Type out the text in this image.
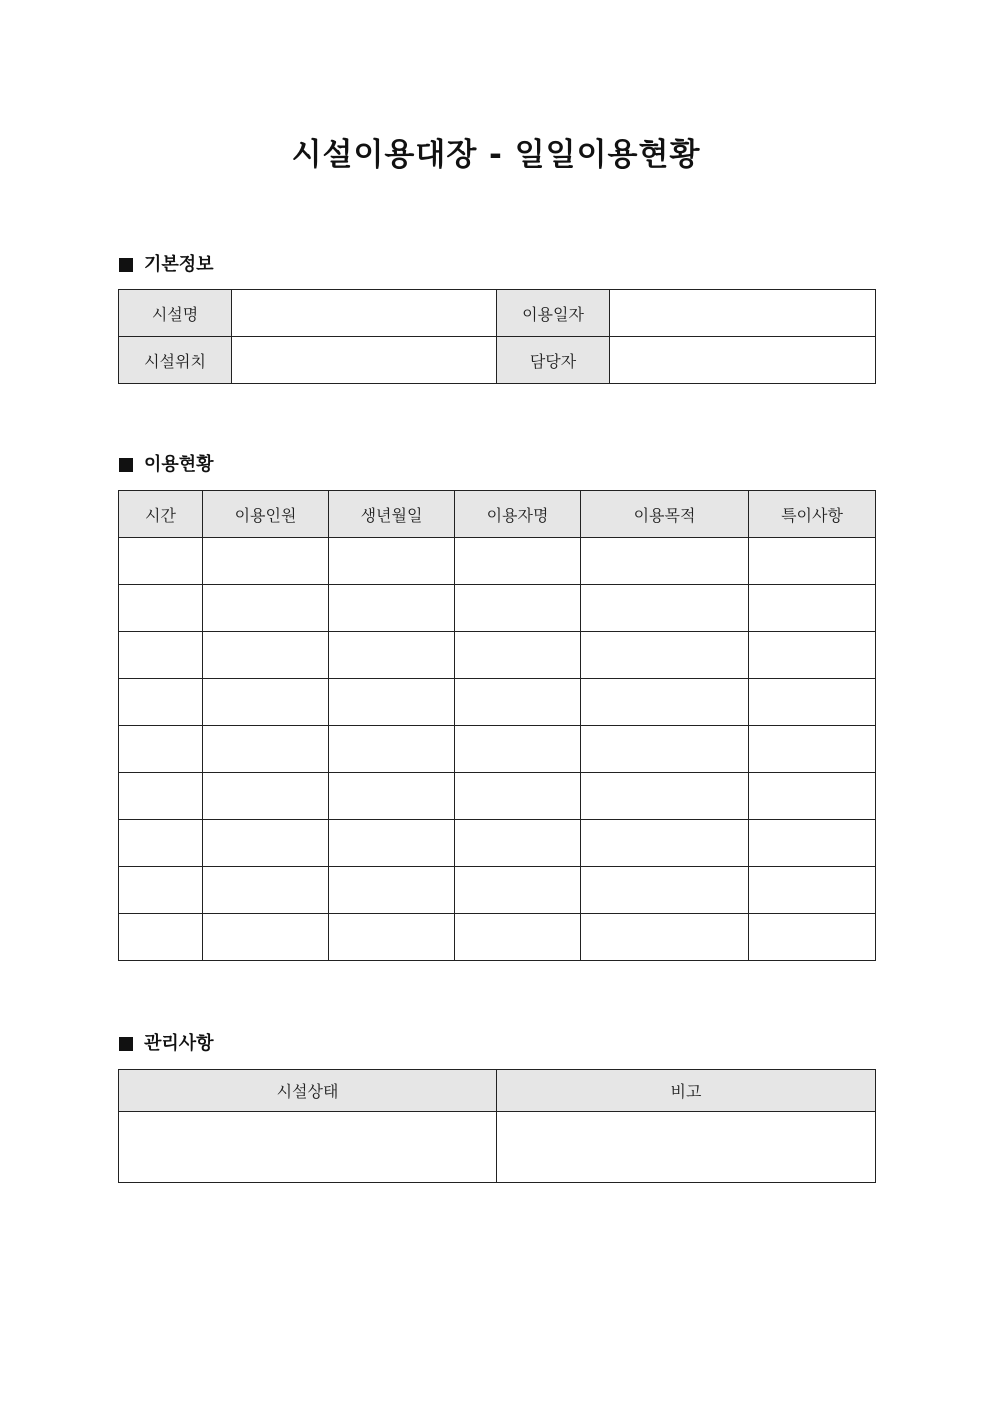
시설이용대장 - 일일이용현황
기본정보
시설명		이용일자	
시설위치		담당자	
이용현황
시간	이용인원	생년월일	이용자명	이용목적	특이사항

관리사항
시설상태	비고
